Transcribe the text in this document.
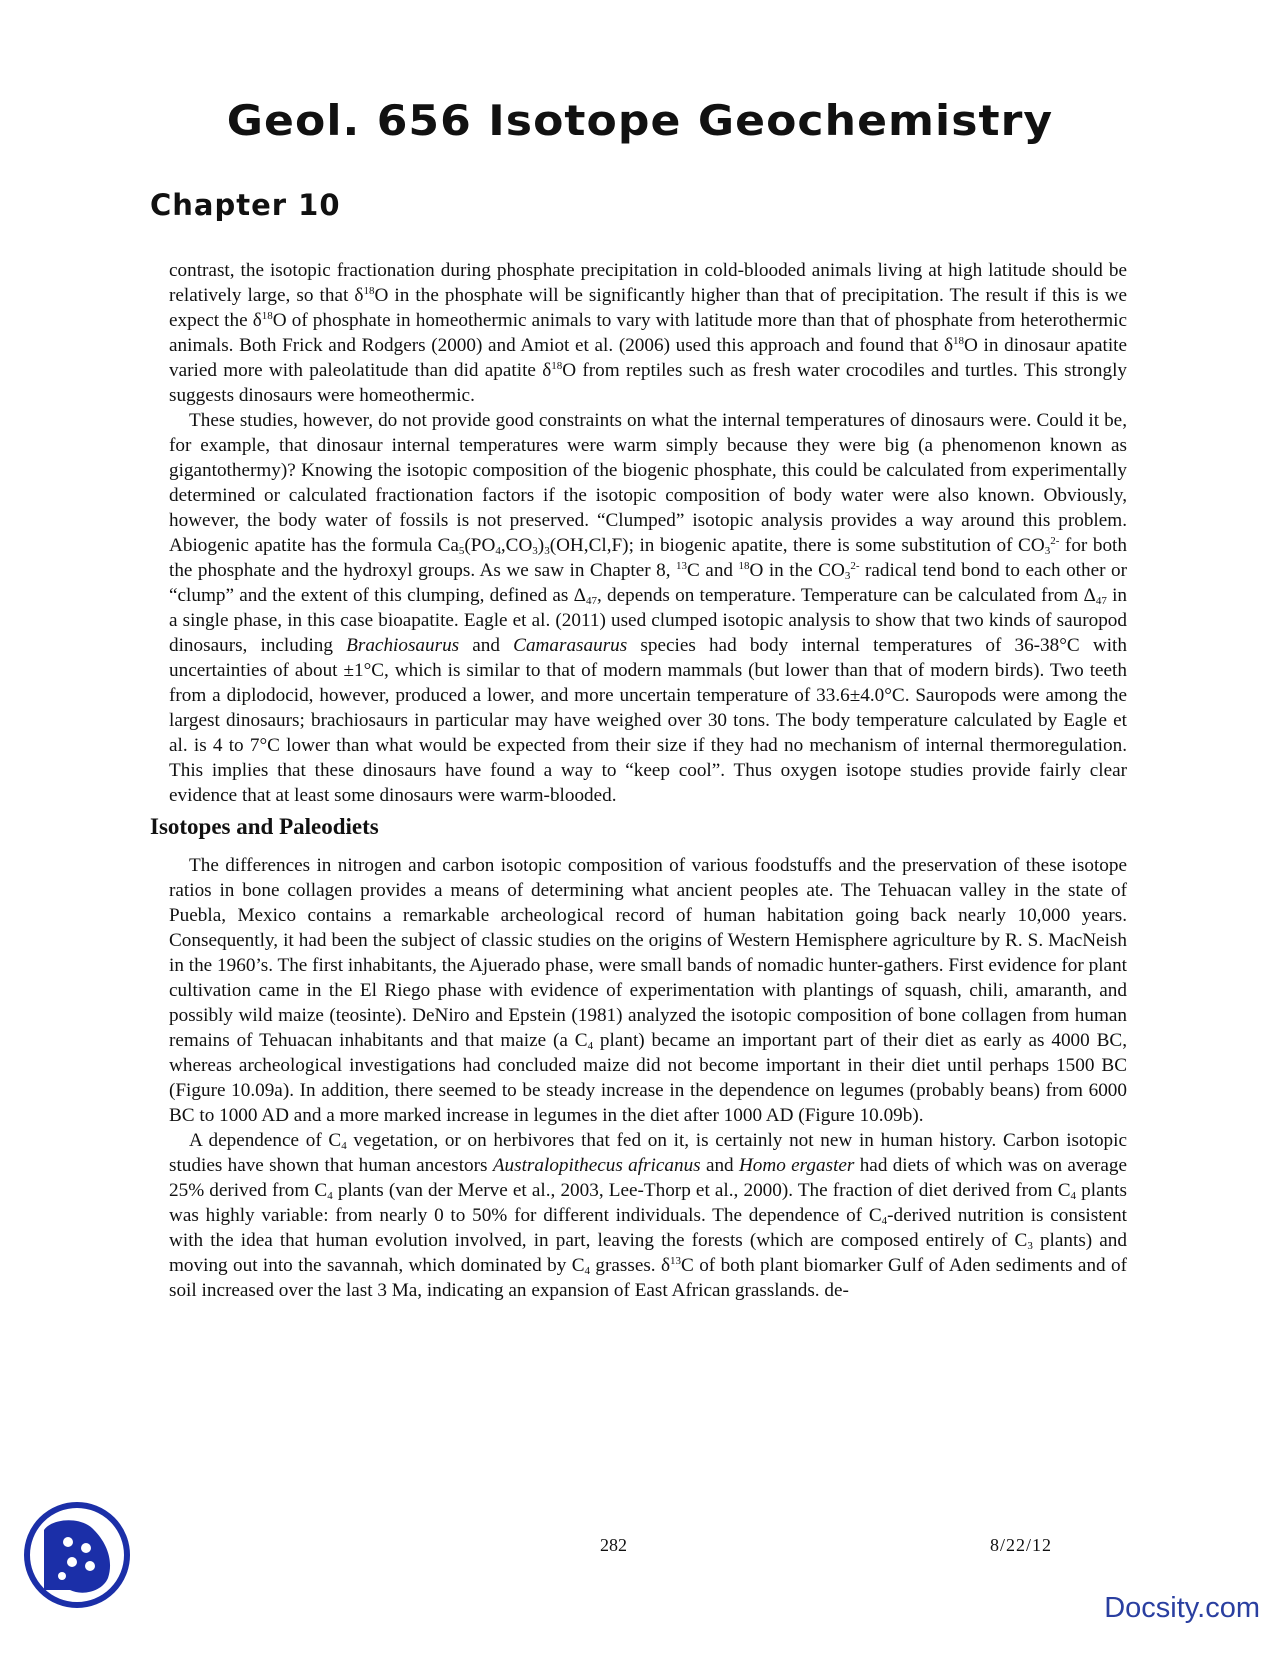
Geol. 656 Isotope Geochemistry
Chapter 10

contrast, the isotopic fractionation during phosphate precipitation in cold-blooded animals living at high latitude should be relatively large, so that $\delta^{18}O$ in the phosphate will be significantly higher than that of precipitation. The result if this is we expect the $\delta^{18}O$ of phosphate in homeothermic animals to vary with latitude more than that of phosphate from heterothermic animals. Both Frick and Rodgers (2000) and Amiot et al. (2006) used this approach and found that $\delta^{18}O$ in dinosaur apatite varied more with paleolatitude than did apatite $\delta^{18}O$ from reptiles such as fresh water crocodiles and turtles. This strongly suggests dinosaurs were homeothermic.

These studies, however, do not provide good constraints on what the internal temperatures of dinosaurs were. Could it be, for example, that dinosaur internal temperatures were warm simply because they were big (a phenomenon known as gigantothermy)? Knowing the isotopic composition of the biogenic phosphate, this could be calculated from experimentally determined or calculated fractionation factors if the isotopic composition of body water were also known. Obviously, however, the body water of fossils is not preserved. “Clumped” isotopic analysis provides a way around this problem. Abiogenic apatite has the formula $Ca_5(PO_4,CO_3)_3(OH,Cl,F)$; in biogenic apatite, there is some substitution of $CO_3^{2-}$ for both the phosphate and the hydroxyl groups. As we saw in Chapter 8, $^{13}$C and $^{18}$O in the $CO_3^{2-}$ radical tend bond to each other or “clump” and the extent of this clumping, defined as $\Delta_{47}$, depends on temperature. Temperature can be calculated from $\Delta_{47}$ in a single phase, in this case bioapatite. Eagle et al. (2011) used clumped isotopic analysis to show that two kinds of sauropod dinosaurs, including Brachiosaurus and Camarasaurus species had body internal temperatures of 36-38°C with uncertainties of about ±1°C, which is similar to that of modern mammals (but lower than that of modern birds). Two teeth from a diplodocid, however, produced a lower, and more uncertain temperature of 33.6±4.0°C. Sauropods were among the largest dinosaurs; brachiosaurs in particular may have weighed over 30 tons. The body temperature calculated by Eagle et al. is 4 to 7°C lower than what would be expected from their size if they had no mechanism of internal thermoregulation. This implies that these dinosaurs have found a way to “keep cool”. Thus oxygen isotope studies provide fairly clear evidence that at least some dinosaurs were warm-blooded.

Isotopes and Paleodiets

The differences in nitrogen and carbon isotopic composition of various foodstuffs and the preservation of these isotope ratios in bone collagen provides a means of determining what ancient peoples ate. The Tehuacan valley in the state of Puebla, Mexico contains a remarkable archeological record of human habitation going back nearly 10,000 years. Consequently, it had been the subject of classic studies on the origins of Western Hemisphere agriculture by R. S. MacNeish in the 1960’s. The first inhabitants, the Ajuerado phase, were small bands of nomadic hunter-gathers. First evidence for plant cultivation came in the El Riego phase with evidence of experimentation with plantings of squash, chili, amaranth, and possibly wild maize (teosinte). DeNiro and Epstein (1981) analyzed the isotopic composition of bone collagen from human remains of Tehuacan inhabitants and that maize (a $C_4$ plant) became an important part of their diet as early as 4000 BC, whereas archeological investigations had concluded maize did not become important in their diet until perhaps 1500 BC (Figure 10.09a). In addition, there seemed to be steady increase in the dependence on legumes (probably beans) from 6000 BC to 1000 AD and a more marked increase in legumes in the diet after 1000 AD (Figure 10.09b).

A dependence of $C_4$ vegetation, or on herbivores that fed on it, is certainly not new in human history. Carbon isotopic studies have shown that human ancestors Australopithecus africanus and Homo ergaster had diets of which was on average 25% derived from $C_4$ plants (van der Merve et al., 2003, Lee-Thorp et al., 2000). The fraction of diet derived from $C_4$ plants was highly variable: from nearly 0 to 50% for different individuals. The dependence of $C_4$-derived nutrition is consistent with the idea that human evolution involved, in part, leaving the forests (which are composed entirely of $C_3$ plants) and moving out into the savannah, which dominated by $C_4$ grasses. $\delta^{13}C$ of both plant biomarker Gulf of Aden sediments and of soil increased over the last 3 Ma, indicating an expansion of East African grasslands. de-

282	8/22/12
Docsity.com
